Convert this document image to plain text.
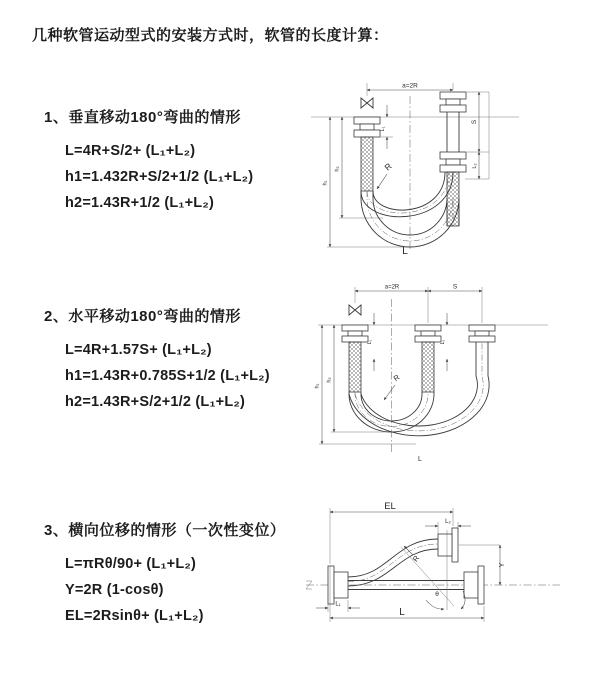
几种软管运动型式的安装方式时，软管的长度计算：
1、垂直移动180°弯曲的情形
L=4R+S/2+ (L₁+L₂)
h1=1.432R+S/2+1/2 (L₁+L₂)
h2=1.43R+1/2 (L₁+L₂)
a=2R
L₁
S
L₂
h₁
h₂	R
L
2、水平移动180°弯曲的情形
L=4R+1.57S+ (L₁+L₂)
h1=1.43R+0.785S+1/2 (L₁+L₂)
h2=1.43R+S/2+1/2 (L₁+L₂)
a=2R	S
L₁	L₂
h₁
h₂	R
L
3、横向位移的情形（一次性变位）
L=πRθ/90+ (L₁+L₂)
Y=2R (1-cosθ)
EL=2Rsinθ+ (L₁+L₂)
EL
L₂
Y
R
θ
L₁
L
